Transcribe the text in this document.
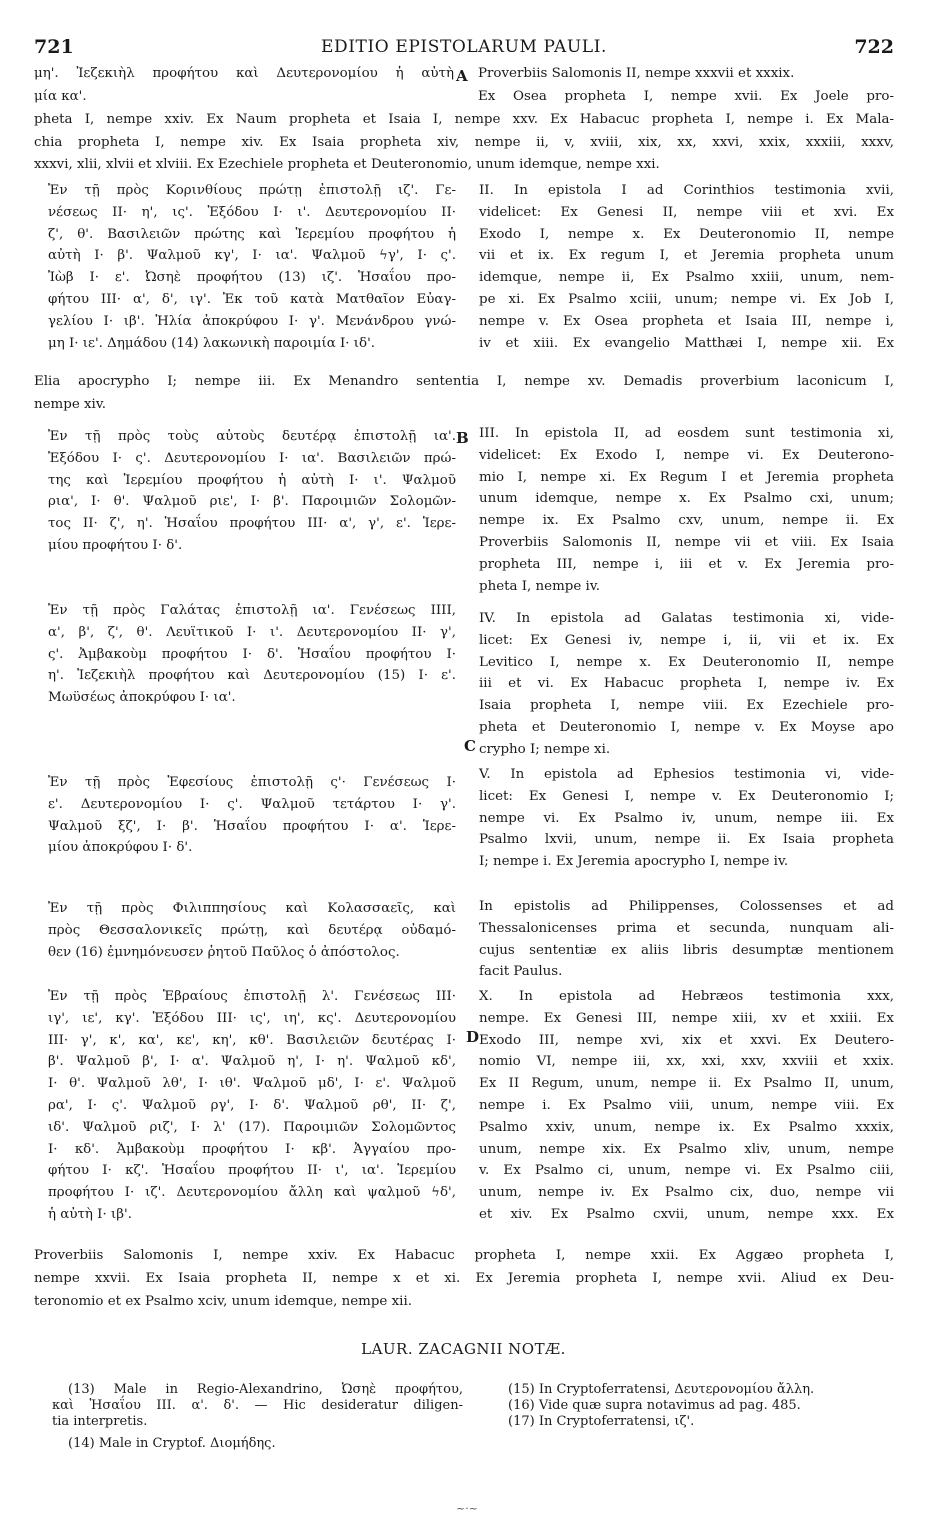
721	EDITIO EPISTOLARUM PAULI.	722
A
B
C
D
μη'. Ἰεζεκιὴλ προφήτου καὶ Δευτερονομίου ἡ αὐτὴ Proverbiis Salomonis II, nempe xxxvii et xxxix.
μία κα'.	Ex Osea propheta I, nempe xvii. Ex Joele pro-
pheta I, nempe xxiv. Ex Naum propheta et Isaia I, nempe xxv. Ex Habacuc propheta I, nempe i. Ex Mala-
chia propheta I, nempe xiv. Ex Isaia propheta xiv, nempe ii, v, xviii, xix, xx, xxvi, xxix, xxxiii, xxxv,
xxxvi, xlii, xlvii et xlviii. Ex Ezechiele propheta et Deuteronomio, unum idemque, nempe xxi.
Ἐν τῇ πρὸς Κορινθίους πρώτῃ ἐπιστολῇ ιζ'. Γε-
νέσεως ΙΙ· η', ις'. Ἐξόδου Ι· ι'. Δευτερονομίου ΙΙ·
ζ', θ'. Βασιλειῶν πρώτης καὶ Ἱερεμίου προφήτου ἡ
αὐτὴ Ι· β'. Ψαλμοῦ κγ', Ι· ια'. Ψαλμοῦ ϟγ', Ι· ς'.
Ἰὼβ Ι· ε'. Ὠσηὲ προφήτου (13) ιζ'. Ἡσαΐου προ-
φήτου ΙΙΙ· α', δ', ιγ'. Ἐκ τοῦ κατὰ Ματθαῖον Εὐαγ-
γελίου Ι· ιβ'. Ἠλία ἀποκρύφου Ι· γ'. Μενάνδρου γνώ-
μη Ι· ιε'. Δημάδου (14) λακωνικὴ παροιμία Ι· ιδ'.
Ἐν τῇ πρὸς τοὺς αὐτοὺς δευτέρᾳ ἐπιστολῇ ια'.
Ἐξόδου Ι· ς'. Δευτερονομίου Ι· ια'. Βασιλειῶν πρώ-
της καὶ Ἱερεμίου προφήτου ἡ αὐτὴ Ι· ι'. Ψαλμοῦ
ρια', Ι· θ'. Ψαλμοῦ ριε', Ι· β'. Παροιμιῶν Σολομῶν-
τος ΙΙ· ζ', η'. Ἡσαΐου προφήτου ΙΙΙ· α', γ', ε'. Ἱερε-
μίου προφήτου Ι· δ'.
Ἐν τῇ πρὸς Γαλάτας ἐπιστολῇ ια'. Γενέσεως ΙΙΙΙ,
α', β', ζ', θ'. Λευϊτικοῦ Ι· ι'. Δευτερονομίου ΙΙ· γ',
ς'. Ἀμβακοὺμ προφήτου Ι· δ'. Ἡσαΐου προφήτου Ι·
η'. Ἰεζεκιὴλ προφήτου καὶ Δευτερονομίου (15) Ι· ε'.
Μωϋσέως ἀποκρύφου Ι· ια'.
Ἐν τῇ πρὸς Ἐφεσίους ἐπιστολῇ ς'· Γενέσεως Ι·
ε'. Δευτερονομίου Ι· ς'. Ψαλμοῦ τετάρτου Ι· γ'.
Ψαλμοῦ ξζ', Ι· β'. Ἡσαΐου προφήτου Ι· α'. Ἱερε-
μίου ἀποκρύφου Ι· δ'.
Ἐν τῇ πρὸς Φιλιππησίους καὶ Κολασσαεῖς, καὶ
πρὸς Θεσσαλονικεῖς πρώτῃ, καὶ δευτέρᾳ οὐδαμό-
θεν (16) ἐμνημόνευσεν ῥητοῦ Παῦλος ὁ ἀπόστολος.
Ἐν τῇ πρὸς Ἑβραίους ἐπιστολῇ λ'. Γενέσεως ΙΙΙ·
ιγ', ιε', κγ'. Ἐξόδου ΙΙΙ· ις', ιη', κς'. Δευτερονομίου
ΙΙΙ· γ', κ', κα', κε', κη', κθ'. Βασιλειῶν δευτέρας Ι·
β'. Ψαλμοῦ β', Ι· α'. Ψαλμοῦ η', Ι· η'. Ψαλμοῦ κδ',
Ι· θ'. Ψαλμοῦ λθ', Ι· ιθ'. Ψαλμοῦ μδ', Ι· ε'. Ψαλμοῦ
ρα', Ι· ς'. Ψαλμοῦ ργ', Ι· δ'. Ψαλμοῦ ρθ', ΙΙ· ζ',
ιδ'. Ψαλμοῦ ριζ', Ι· λ' (17). Παροιμιῶν Σολομῶντος
Ι· κδ'. Ἀμβακοὺμ προφήτου Ι· κβ'. Ἀγγαίου προ-
φήτου Ι· κζ'. Ἡσαΐου προφήτου ΙΙ· ι', ια'. Ἱερεμίου
προφήτου Ι· ιζ'. Δευτερονομίου ἄλλη καὶ ψαλμοῦ ϟδ',
ἡ αὐτὴ Ι· ιβ'.
II. In epistola I ad Corinthios testimonia xvii,
videlicet: Ex Genesi II, nempe viii et xvi. Ex
Exodo I, nempe x. Ex Deuteronomio II, nempe
vii et ix. Ex regum I, et Jeremia propheta unum
idemque, nempe ii, Ex Psalmo xxiii, unum, nem-
pe xi. Ex Psalmo xciii, unum; nempe vi. Ex Job I,
nempe v. Ex Osea propheta et Isaia III, nempe i,
iv et xiii. Ex evangelio Matthæi I, nempe xii. Ex
III. In epistola II, ad eosdem sunt testimonia xi,
videlicet: Ex Exodo I, nempe vi. Ex Deuterono-
mio I, nempe xi. Ex Regum I et Jeremia propheta
unum idemque, nempe x. Ex Psalmo cxi, unum;
nempe ix. Ex Psalmo cxv, unum, nempe ii. Ex
Proverbiis Salomonis II, nempe vii et viii. Ex Isaia
propheta III, nempe i, iii et v. Ex Jeremia pro-
pheta I, nempe iv.
IV. In epistola ad Galatas testimonia xi, vide-
licet: Ex Genesi iv, nempe i, ii, vii et ix. Ex
Levitico I, nempe x. Ex Deuteronomio II, nempe
iii et vi. Ex Habacuc propheta I, nempe iv. Ex
Isaia propheta I, nempe viii. Ex Ezechiele pro-
pheta et Deuteronomio I, nempe v. Ex Moyse apo
crypho I; nempe xi.
V. In epistola ad Ephesios testimonia vi, vide-
licet: Ex Genesi I, nempe v. Ex Deuteronomio I;
nempe vi. Ex Psalmo iv, unum, nempe iii. Ex
Psalmo lxvii, unum, nempe ii. Ex Isaia propheta
I; nempe i. Ex Jeremia apocrypho I, nempe iv.
In epistolis ad Philippenses, Colossenses et ad
Thessalonicenses prima et secunda, nunquam ali-
cujus sententiæ ex aliis libris desumptæ mentionem
facit Paulus.
X. In epistola ad Hebræos testimonia xxx,
nempe. Ex Genesi III, nempe xiii, xv et xxiii. Ex
Exodo III, nempe xvi, xix et xxvi. Ex Deutero-
nomio VI, nempe iii, xx, xxi, xxv, xxviii et xxix.
Ex II Regum, unum, nempe ii. Ex Psalmo II, unum,
nempe i. Ex Psalmo viii, unum, nempe viii. Ex
Psalmo xxiv, unum, nempe ix. Ex Psalmo xxxix,
unum, nempe xix. Ex Psalmo xliv, unum, nempe
v. Ex Psalmo ci, unum, nempe vi. Ex Psalmo ciii,
unum, nempe iv. Ex Psalmo cix, duo, nempe vii
et xiv. Ex Psalmo cxvii, unum, nempe xxx. Ex
Elia apocrypho I; nempe iii. Ex Menandro sententia I, nempe xv. Demadis proverbium laconicum I,
nempe xiv.
Proverbiis Salomonis I, nempe xxiv. Ex Habacuc propheta I, nempe xxii. Ex Aggæo propheta I,
nempe xxvii. Ex Isaia propheta II, nempe x et xi. Ex Jeremia propheta I, nempe xvii. Aliud ex Deu-
teronomio et ex Psalmo xciv, unum idemque, nempe xii.
LAUR. ZACAGNII NOTÆ.
(13) Male in Regio-Alexandrino, Ὠσηὲ προφήτου,
καὶ Ἡσαΐου ΙΙΙ. α'. δ'. — Hic desideratur diligen-
tia interpretis.
(14) Male in Cryptof. Διομήδης.
(15) In Cryptoferratensi, Δευτερονομίου ἄλλη.
(16) Vide quæ supra notavimus ad pag. 485.
(17) In Cryptoferratensi, ιζ'.
~·~
